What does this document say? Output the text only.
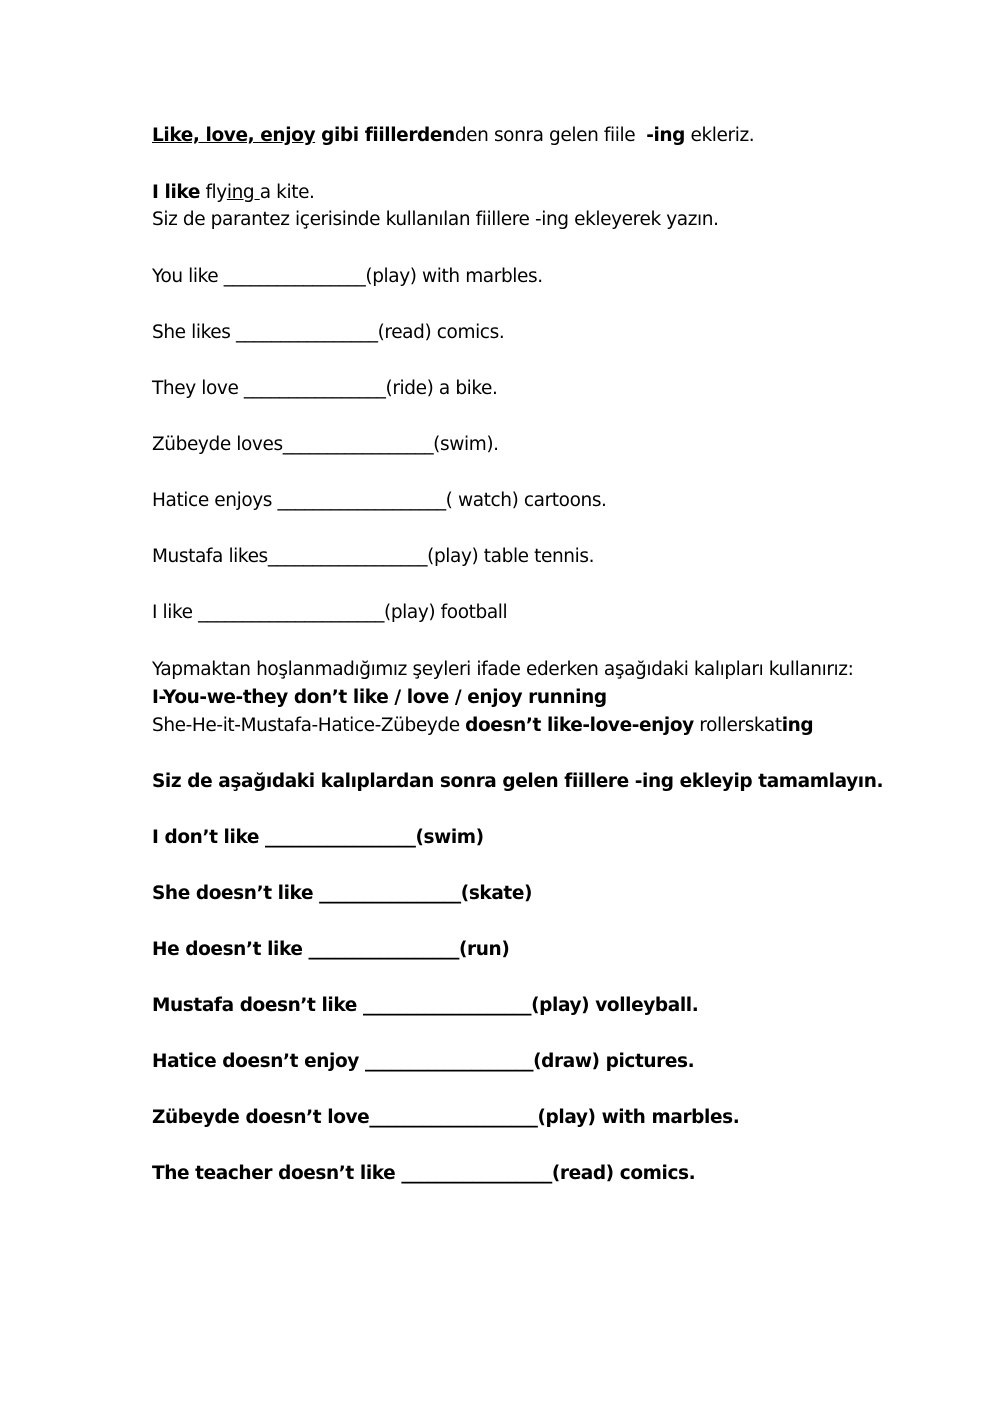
Like, love, enjoy gibi fiillerdenden sonra gelen fiile  -ing ekleriz.
I like flying a kite.
Siz de parantez içerisinde kullanılan fiillere -ing ekleyerek yazın.
You like ________________(play) with marbles.
She likes ________________(read) comics.
They love ________________(ride) a bike.
Zübeyde loves_________________(swim).
Hatice enjoys ___________________( watch) cartoons.
Mustafa likes__________________(play) table tennis.
I like _____________________(play) football
Yapmaktan hoşlanmadığımız şeyleri ifade ederken aşağıdaki kalıpları kullanırız:
I-You-we-they don’t like / love / enjoy running
She-He-it-Mustafa-Hatice-Zübeyde doesn’t like-love-enjoy rollerskating
Siz de aşağıdaki kalıplardan sonra gelen fiillere -ing ekleyip tamamlayın.
I don’t like _________________(swim)
She doesn’t like ________________(skate)
He doesn’t like _________________(run)
Mustafa doesn’t like ___________________(play) volleyball.
Hatice doesn’t enjoy ___________________(draw) pictures.
Zübeyde doesn’t love___________________(play) with marbles.
The teacher doesn’t like _________________(read) comics.
